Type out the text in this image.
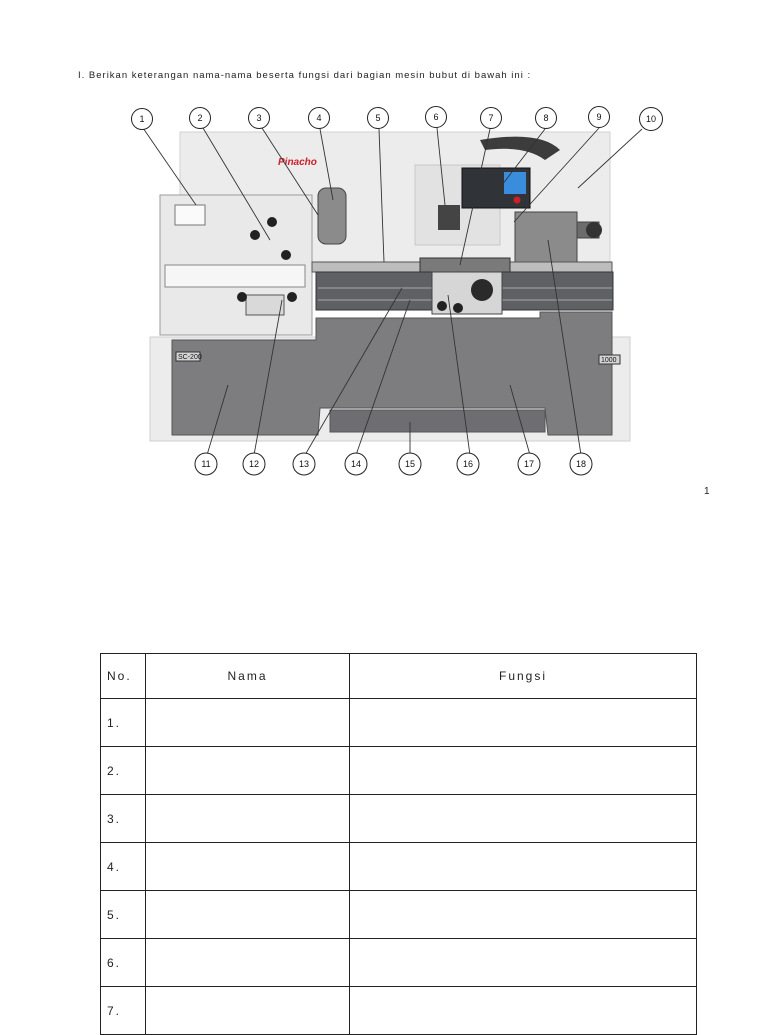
I. Berikan keterangan nama-nama beserta fungsi dari bagian mesin bubut di bawah ini :
Pinacho
SC-200	1000
1	2	3	4	5	6	7	8	9	10
11	12	13	14	15	16	17	18
1
No.	Nama	Fungsi
1.		
2.		
3.		
4.		
5.		
6.		
7.		
